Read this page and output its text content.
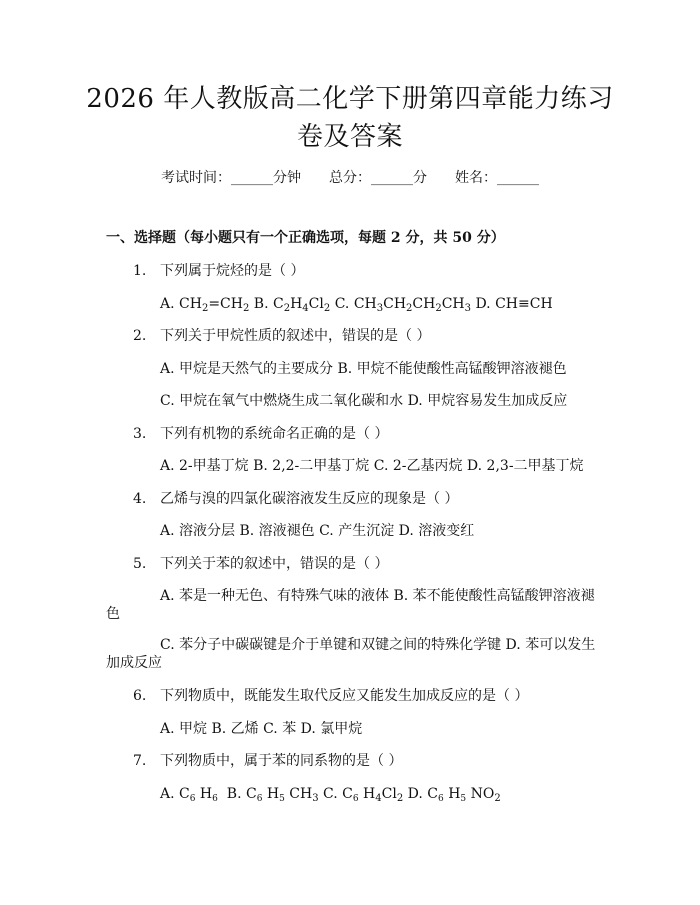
2026 年人教版高二化学下册第四章能力练习
卷及答案
考试时间：______分钟 总分：______分 姓名：______
一、选择题（每小题只有一个正确选项，每题 2 分，共 50 分）
1. 下列属于烷烃的是（ ）
A. $CH_2=CH_2$ B. $C_2H_4Cl_2$ C. $CH_3CH_2CH_2CH_3$ D. CH≡CH
2. 下列关于甲烷性质的叙述中，错误的是（ ）
A. 甲烷是天然气的主要成分 B. 甲烷不能使酸性高锰酸钾溶液褪色
C. 甲烷在氧气中燃烧生成二氧化碳和水 D. 甲烷容易发生加成反应
3. 下列有机物的系统命名正确的是（ ）
A. 2-甲基丁烷 B. 2,2-二甲基丁烷 C. 2-乙基丙烷 D. 2,3-二甲基丁烷
4. 乙烯与溴的四氯化碳溶液发生反应的现象是（ ）
A. 溶液分层 B. 溶液褪色 C. 产生沉淀 D. 溶液变红
5. 下列关于苯的叙述中，错误的是（ ）
A. 苯是一种无色、有特殊气味的液体 B. 苯不能使酸性高锰酸钾溶液褪
色
C. 苯分子中碳碳键是介于单键和双键之间的特殊化学键 D. 苯可以发生
加成反应
6. 下列物质中，既能发生取代反应又能发生加成反应的是（ ）
A. 甲烷 B. 乙烯 C. 苯 D. 氯甲烷
7. 下列物质中，属于苯的同系物的是（ ）
A. $C_6$ $H_6$  B. $C_6$ $H_5$ $CH_3$ C. $C_6$ $H_4Cl_2$ D. $C_6$ $H_5$ $NO_2$
